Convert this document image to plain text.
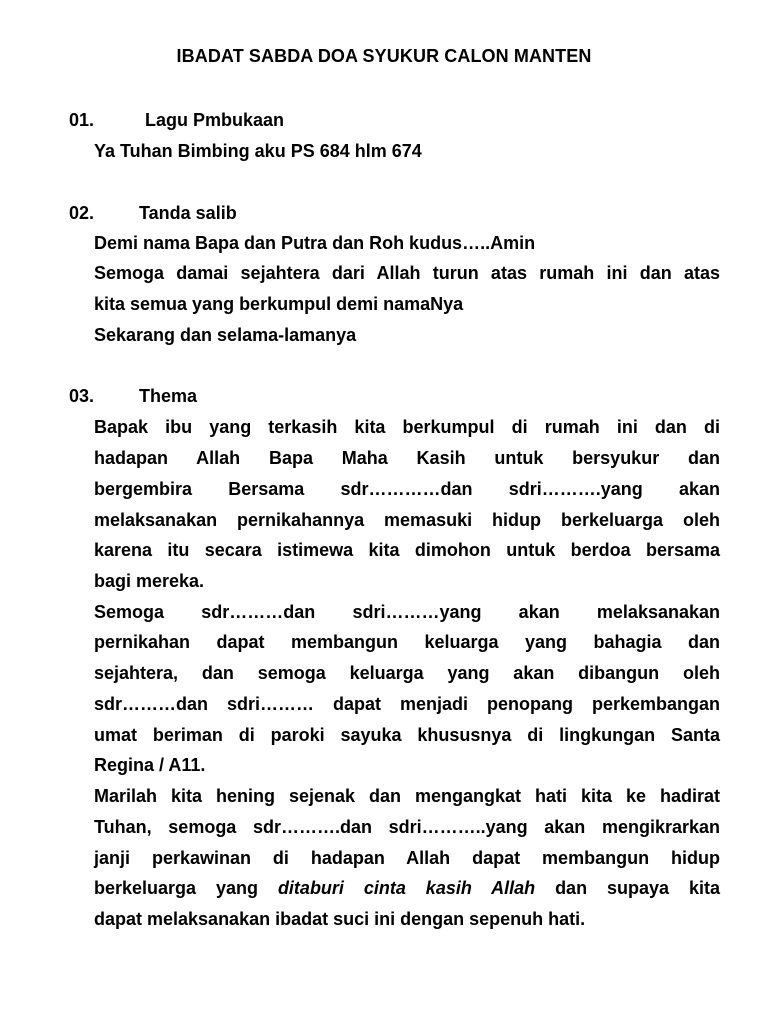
IBADAT SABDA DOA SYUKUR CALON MANTEN
01.	Lagu Pmbukaan
Ya Tuhan Bimbing aku PS 684 hlm 674
02. Tanda salib
Demi nama Bapa dan Putra dan Roh kudus…..Amin
Semoga damai sejahtera dari Allah turun atas rumah ini dan atas
kita semua yang berkumpul demi namaNya
Sekarang dan selama-lamanya
03. Thema
Bapak ibu yang terkasih kita berkumpul di rumah ini dan di
hadapan Allah Bapa Maha Kasih untuk bersyukur dan
bergembira Bersama sdr…………dan sdri……….yang akan
melaksanakan pernikahannya memasuki hidup berkeluarga oleh
karena itu secara istimewa kita dimohon untuk berdoa bersama
bagi mereka.
Semoga sdr………dan sdri………yang akan melaksanakan
pernikahan dapat membangun keluarga yang bahagia dan
sejahtera, dan semoga keluarga yang akan dibangun oleh
sdr………dan sdri……… dapat menjadi penopang perkembangan
umat beriman di paroki sayuka khususnya di lingkungan Santa
Regina / A11.
Marilah kita hening sejenak dan mengangkat hati kita ke hadirat
Tuhan, semoga sdr……….dan sdri………..yang akan mengikrarkan
janji perkawinan di hadapan Allah dapat membangun hidup
berkeluarga yang ditaburi cinta kasih Allah dan supaya kita
dapat melaksanakan ibadat suci ini dengan sepenuh hati.
